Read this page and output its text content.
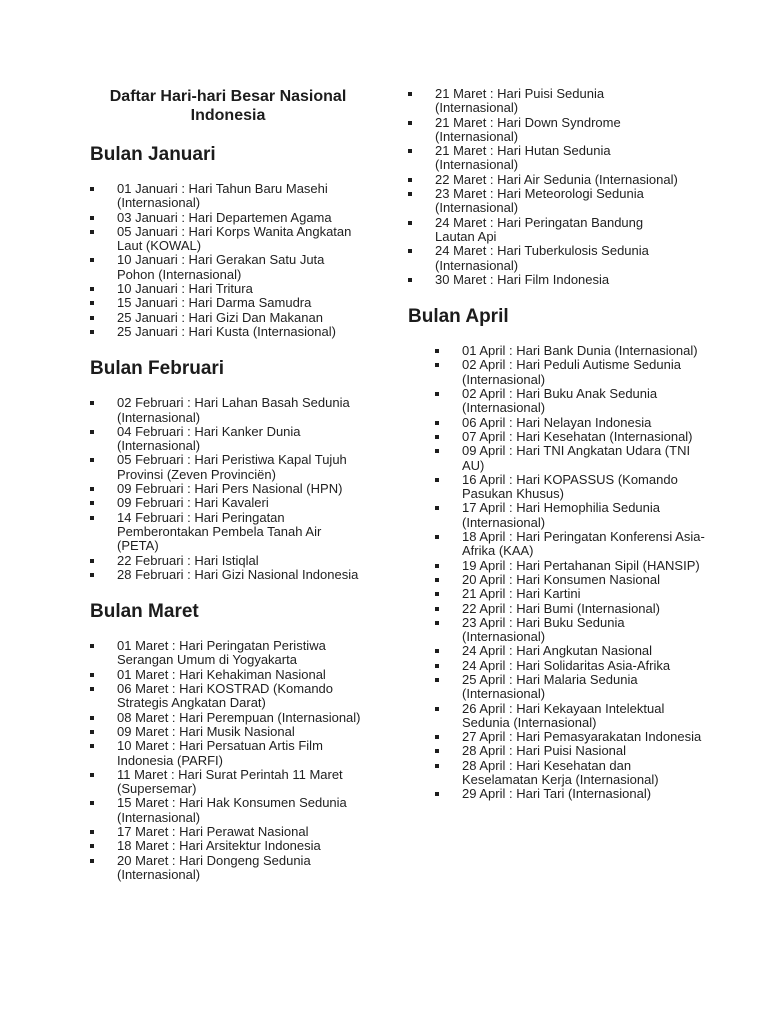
Daftar Hari-hari Besar Nasional Indonesia
Bulan Januari
01 Januari : Hari Tahun Baru Masehi (Internasional)
03 Januari : Hari Departemen Agama
05 Januari : Hari Korps Wanita Angkatan Laut (KOWAL)
10 Januari : Hari Gerakan Satu Juta Pohon (Internasional)
10 Januari : Hari Tritura
15 Januari : Hari Darma Samudra
25 Januari : Hari Gizi Dan Makanan
25 Januari : Hari Kusta (Internasional)
Bulan Februari
02 Februari : Hari Lahan Basah Sedunia (Internasional)
04 Februari : Hari Kanker Dunia (Internasional)
05 Februari : Hari Peristiwa Kapal Tujuh Provinsi (Zeven Provinciën)
09 Februari : Hari Pers Nasional (HPN)
09 Februari : Hari Kavaleri
14 Februari : Hari Peringatan Pemberontakan Pembela Tanah Air (PETA)
22 Februari : Hari Istiqlal
28 Februari : Hari Gizi Nasional Indonesia
Bulan Maret
01 Maret : Hari Peringatan Peristiwa Serangan Umum di Yogyakarta
01 Maret : Hari Kehakiman Nasional
06 Maret : Hari KOSTRAD (Komando Strategis Angkatan Darat)
08 Maret : Hari Perempuan (Internasional)
09 Maret : Hari Musik Nasional
10 Maret : Hari Persatuan Artis Film Indonesia (PARFI)
11 Maret : Hari Surat Perintah 11 Maret (Supersemar)
15 Maret : Hari Hak Konsumen Sedunia (Internasional)
17 Maret : Hari Perawat Nasional
18 Maret : Hari Arsitektur Indonesia
20 Maret : Hari Dongeng Sedunia (Internasional)
21 Maret : Hari Puisi Sedunia (Internasional)
21 Maret : Hari Down Syndrome (Internasional)
21 Maret : Hari Hutan Sedunia (Internasional)
22 Maret : Hari Air Sedunia (Internasional)
23 Maret : Hari Meteorologi Sedunia (Internasional)
24 Maret : Hari Peringatan Bandung Lautan Api
24 Maret : Hari Tuberkulosis Sedunia (Internasional)
30 Maret : Hari Film Indonesia
Bulan April
01 April : Hari Bank Dunia (Internasional)
02 April : Hari Peduli Autisme Sedunia (Internasional)
02 April : Hari Buku Anak Sedunia (Internasional)
06 April : Hari Nelayan Indonesia
07 April : Hari Kesehatan (Internasional)
09 April : Hari TNI Angkatan Udara (TNI AU)
16 April : Hari KOPASSUS (Komando Pasukan Khusus)
17 April : Hari Hemophilia Sedunia (Internasional)
18 April : Hari Peringatan Konferensi Asia-Afrika (KAA)
19 April : Hari Pertahanan Sipil (HANSIP)
20 April : Hari Konsumen Nasional
21 April : Hari Kartini
22 April : Hari Bumi (Internasional)
23 April : Hari Buku Sedunia (Internasional)
24 April : Hari Angkutan Nasional
24 April : Hari Solidaritas Asia-Afrika
25 April : Hari Malaria Sedunia (Internasional)
26 April : Hari Kekayaan Intelektual Sedunia (Internasional)
27 April : Hari Pemasyarakatan Indonesia
28 April : Hari Puisi Nasional
28 April : Hari Kesehatan dan Keselamatan Kerja (Internasional)
29 April : Hari Tari (Internasional)
